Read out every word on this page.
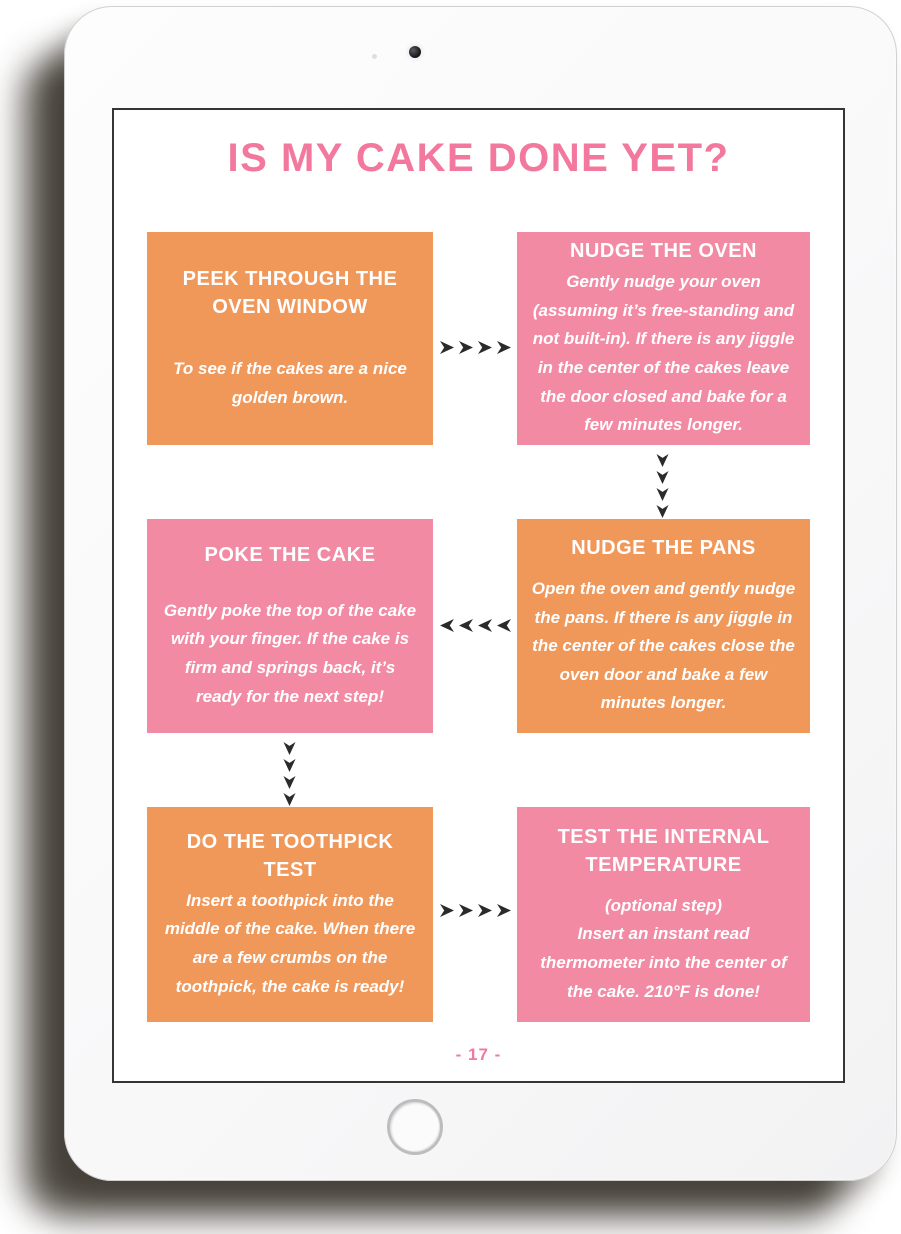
IS MY CAKE DONE YET?
PEEK THROUGH THE OVEN WINDOW
To see if the cakes are a nice golden brown.
NUDGE THE OVEN
Gently nudge your oven (assuming it’s free-standing and not built-in). If there is any jiggle in the center of the cakes leave the door closed and bake for a few minutes longer.
POKE THE CAKE
Gently poke the top of the cake with your finger. If the cake is firm and springs back, it’s ready for the next step!
NUDGE THE PANS
Open the oven and gently nudge the pans. If there is any jiggle in the center of the cakes close the oven door and bake a few minutes longer.
DO THE TOOTHPICK TEST
Insert a toothpick into the middle of the cake. When there are a few crumbs on the toothpick, the cake is ready!
TEST THE INTERNAL TEMPERATURE
(optional step)
Insert an instant read thermometer into the center of the cake. 210°F is done!
- 17 -
